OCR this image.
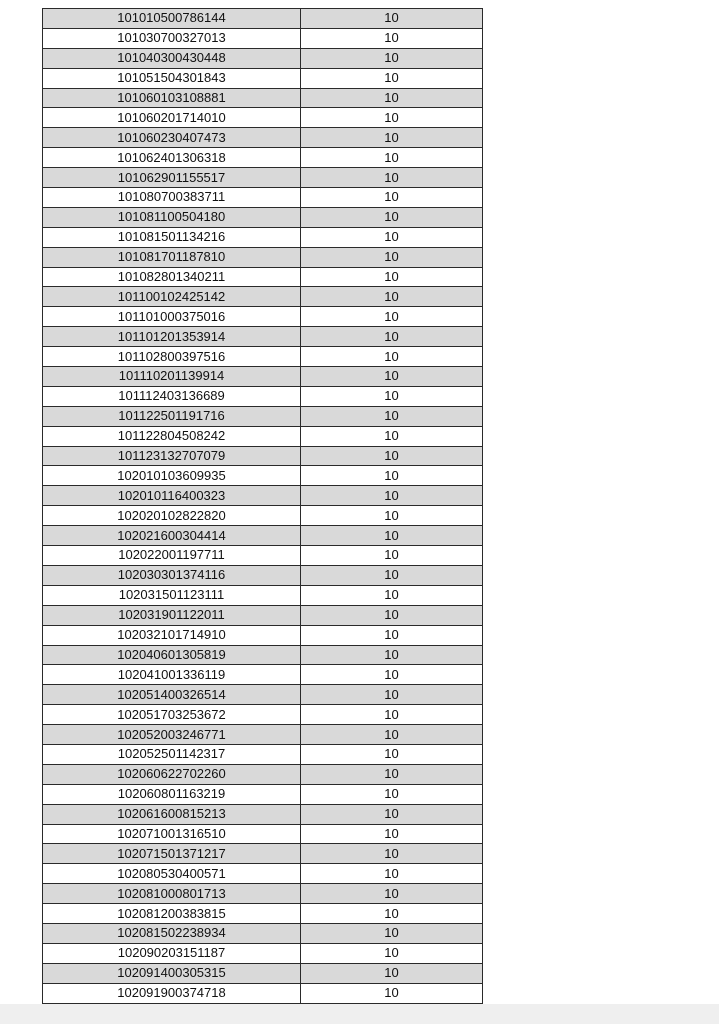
101010500786144	10
101030700327013	10
101040300430448	10
101051504301843	10
101060103108881	10
101060201714010	10
101060230407473	10
101062401306318	10
101062901155517	10
101080700383711	10
101081100504180	10
101081501134216	10
101081701187810	10
101082801340211	10
101100102425142	10
101101000375016	10
101101201353914	10
101102800397516	10
101110201139914	10
101112403136689	10
101122501191716	10
101122804508242	10
101123132707079	10
102010103609935	10
102010116400323	10
102020102822820	10
102021600304414	10
102022001197711	10
102030301374116	10
102031501123111	10
102031901122011	10
102032101714910	10
102040601305819	10
102041001336119	10
102051400326514	10
102051703253672	10
102052003246771	10
102052501142317	10
102060622702260	10
102060801163219	10
102061600815213	10
102071001316510	10
102071501371217	10
102080530400571	10
102081000801713	10
102081200383815	10
102081502238934	10
102090203151187	10
102091400305315	10
102091900374718	10
